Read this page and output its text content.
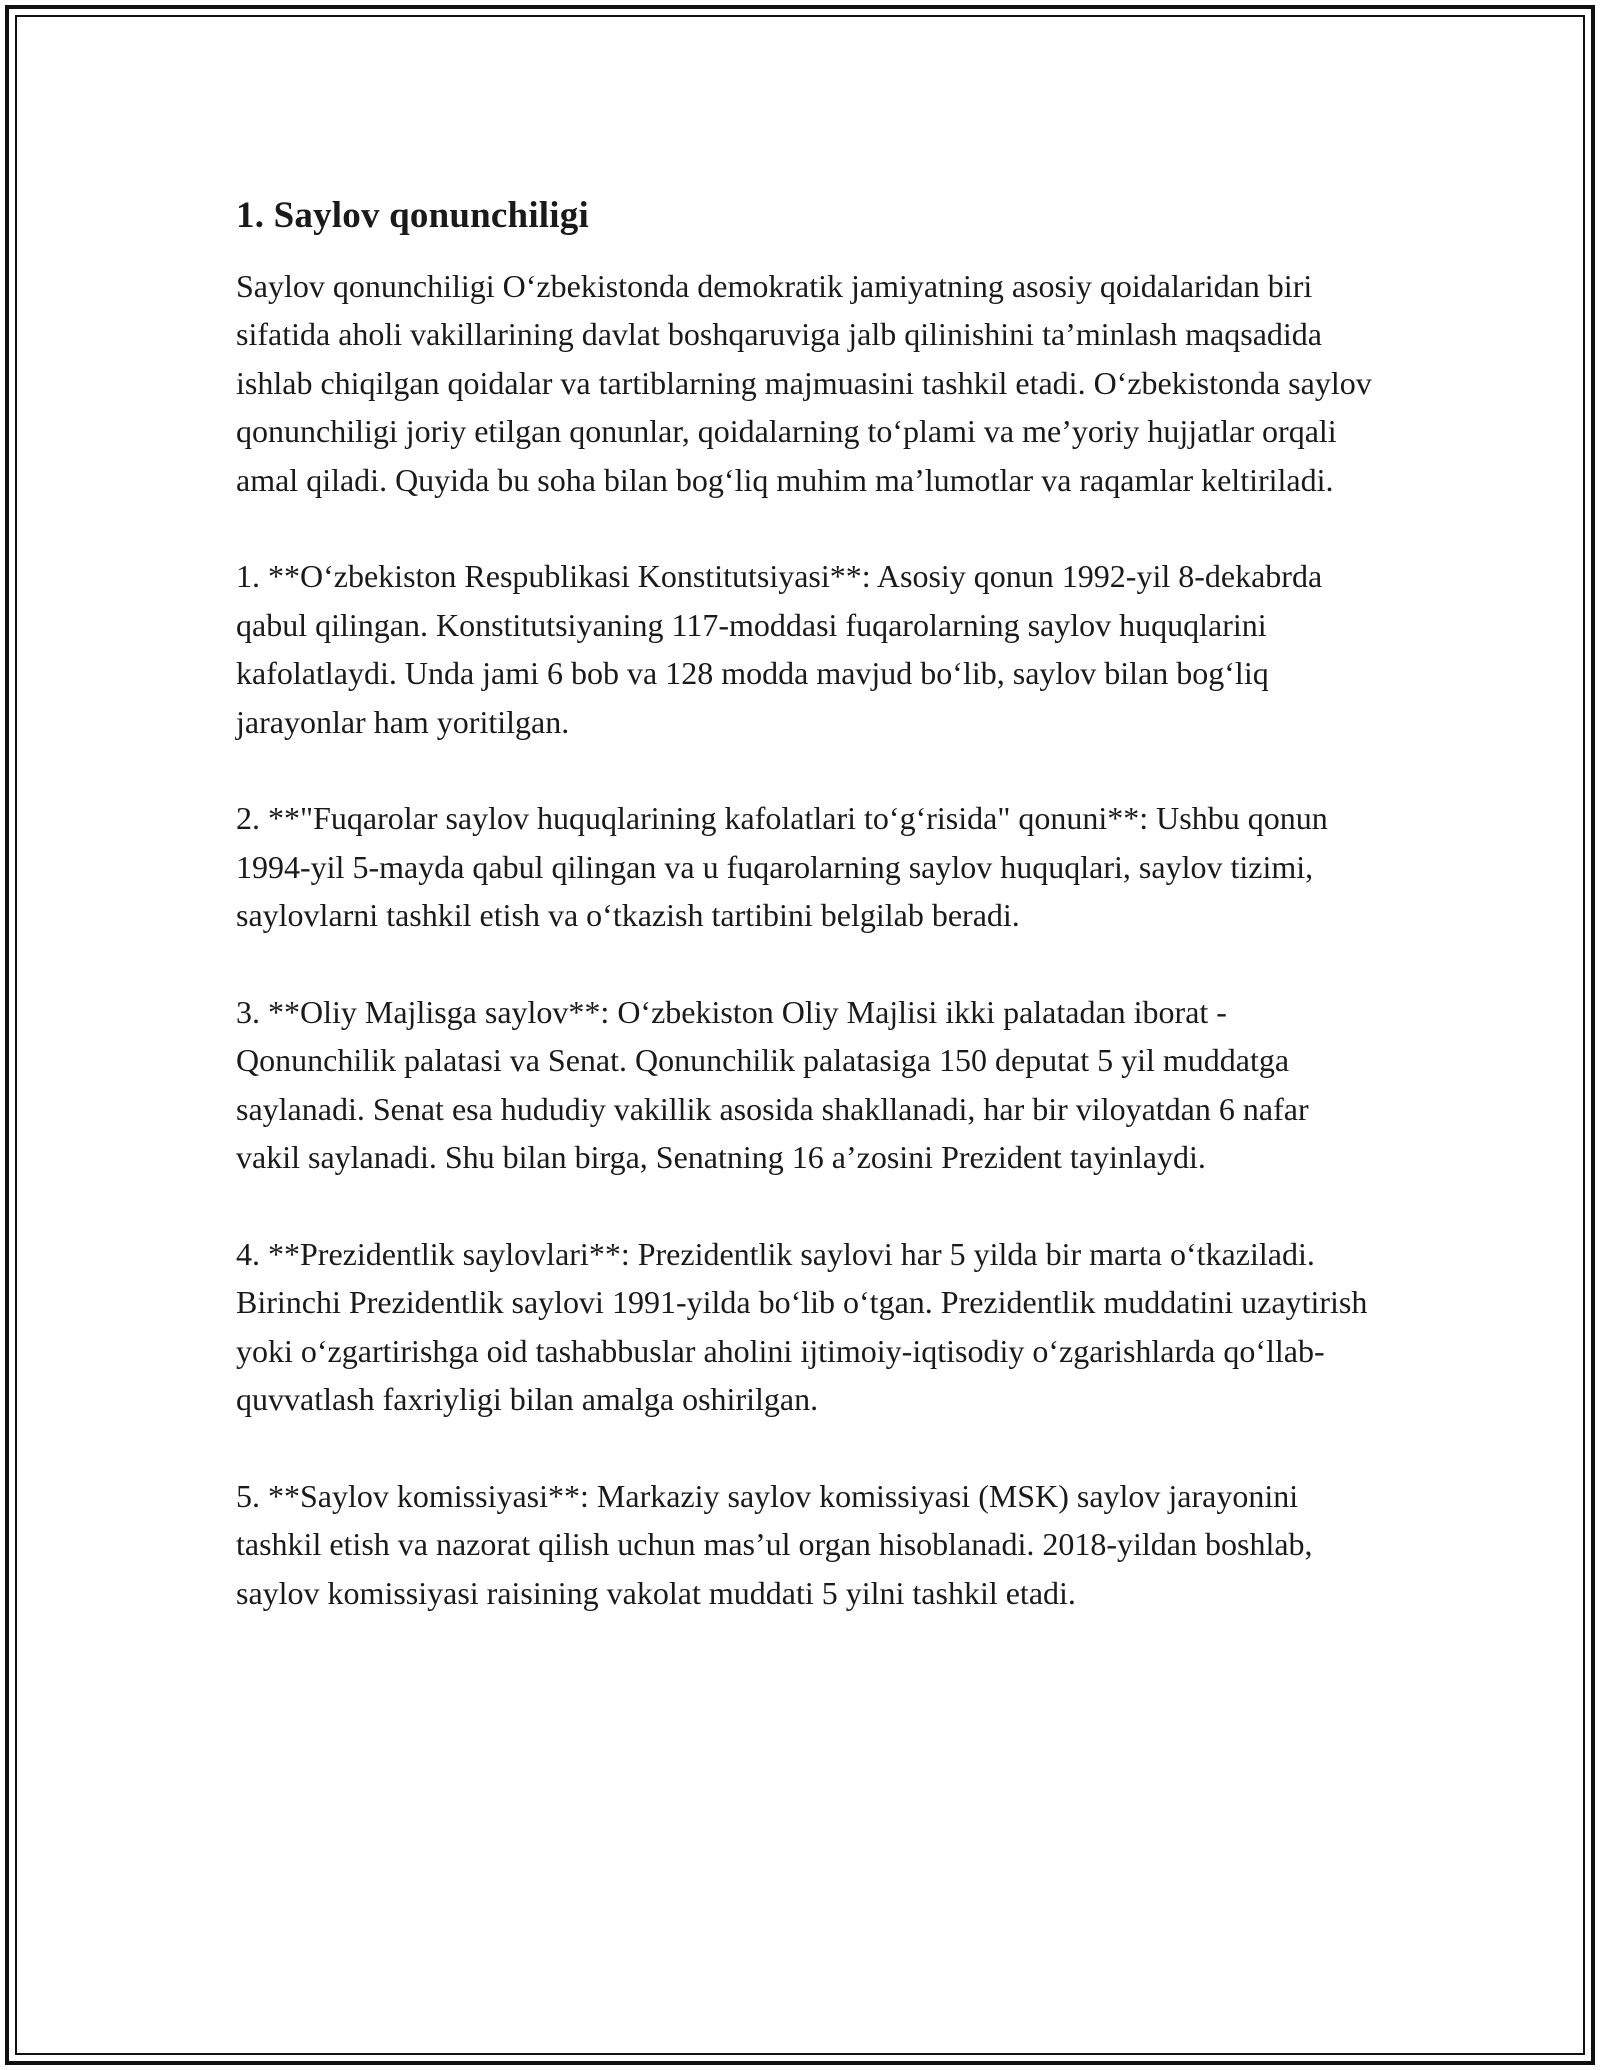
1. Saylov qonunchiligi

Saylov qonunchiligi O‘zbekistonda demokratik jamiyatning asosiy qoidalaridan biri sifatida aholi vakillarining davlat boshqaruviga jalb qilinishini ta’minlash maqsadida ishlab chiqilgan qoidalar va tartiblarning majmuasini tashkil etadi. O‘zbekistonda saylov qonunchiligi joriy etilgan qonunlar, qoidalarning to‘plami va me’yoriy hujjatlar orqali amal qiladi. Quyida bu soha bilan bog‘liq muhim ma’lumotlar va raqamlar keltiriladi.

1. **O‘zbekiston Respublikasi Konstitutsiyasi**: Asosiy qonun 1992-yil 8-dekabrda qabul qilingan. Konstitutsiyaning 117-moddasi fuqarolarning saylov huquqlarini kafolatlaydi. Unda jami 6 bob va 128 modda mavjud bo‘lib, saylov bilan bog‘liq jarayonlar ham yoritilgan.

2. **"Fuqarolar saylov huquqlarining kafolatlari to‘g‘risida" qonuni**: Ushbu qonun 1994-yil 5-mayda qabul qilingan va u fuqarolarning saylov huquqlari, saylov tizimi, saylovlarni tashkil etish va o‘tkazish tartibini belgilab beradi.

3. **Oliy Majlisga saylov**: O‘zbekiston Oliy Majlisi ikki palatadan iborat - Qonunchilik palatasi va Senat. Qonunchilik palatasiga 150 deputat 5 yil muddatga saylanadi. Senat esa hududiy vakillik asosida shakllanadi, har bir viloyatdan 6 nafar vakil saylanadi. Shu bilan birga, Senatning 16 a’zosini Prezident tayinlaydi.

4. **Prezidentlik saylovlari**: Prezidentlik saylovi har 5 yilda bir marta o‘tkaziladi. Birinchi Prezidentlik saylovi 1991-yilda bo‘lib o‘tgan. Prezidentlik muddatini uzaytirish yoki o‘zgartirishga oid tashabbuslar aholini ijtimoiy-iqtisodiy o‘zgarishlarda qo‘llab-quvvatlash faxriyligi bilan amalga oshirilgan.

5. **Saylov komissiyasi**: Markaziy saylov komissiyasi (MSK) saylov jarayonini tashkil etish va nazorat qilish uchun mas’ul organ hisoblanadi. 2018-yildan boshlab, saylov komissiyasi raisining vakolat muddati 5 yilni tashkil etadi.
